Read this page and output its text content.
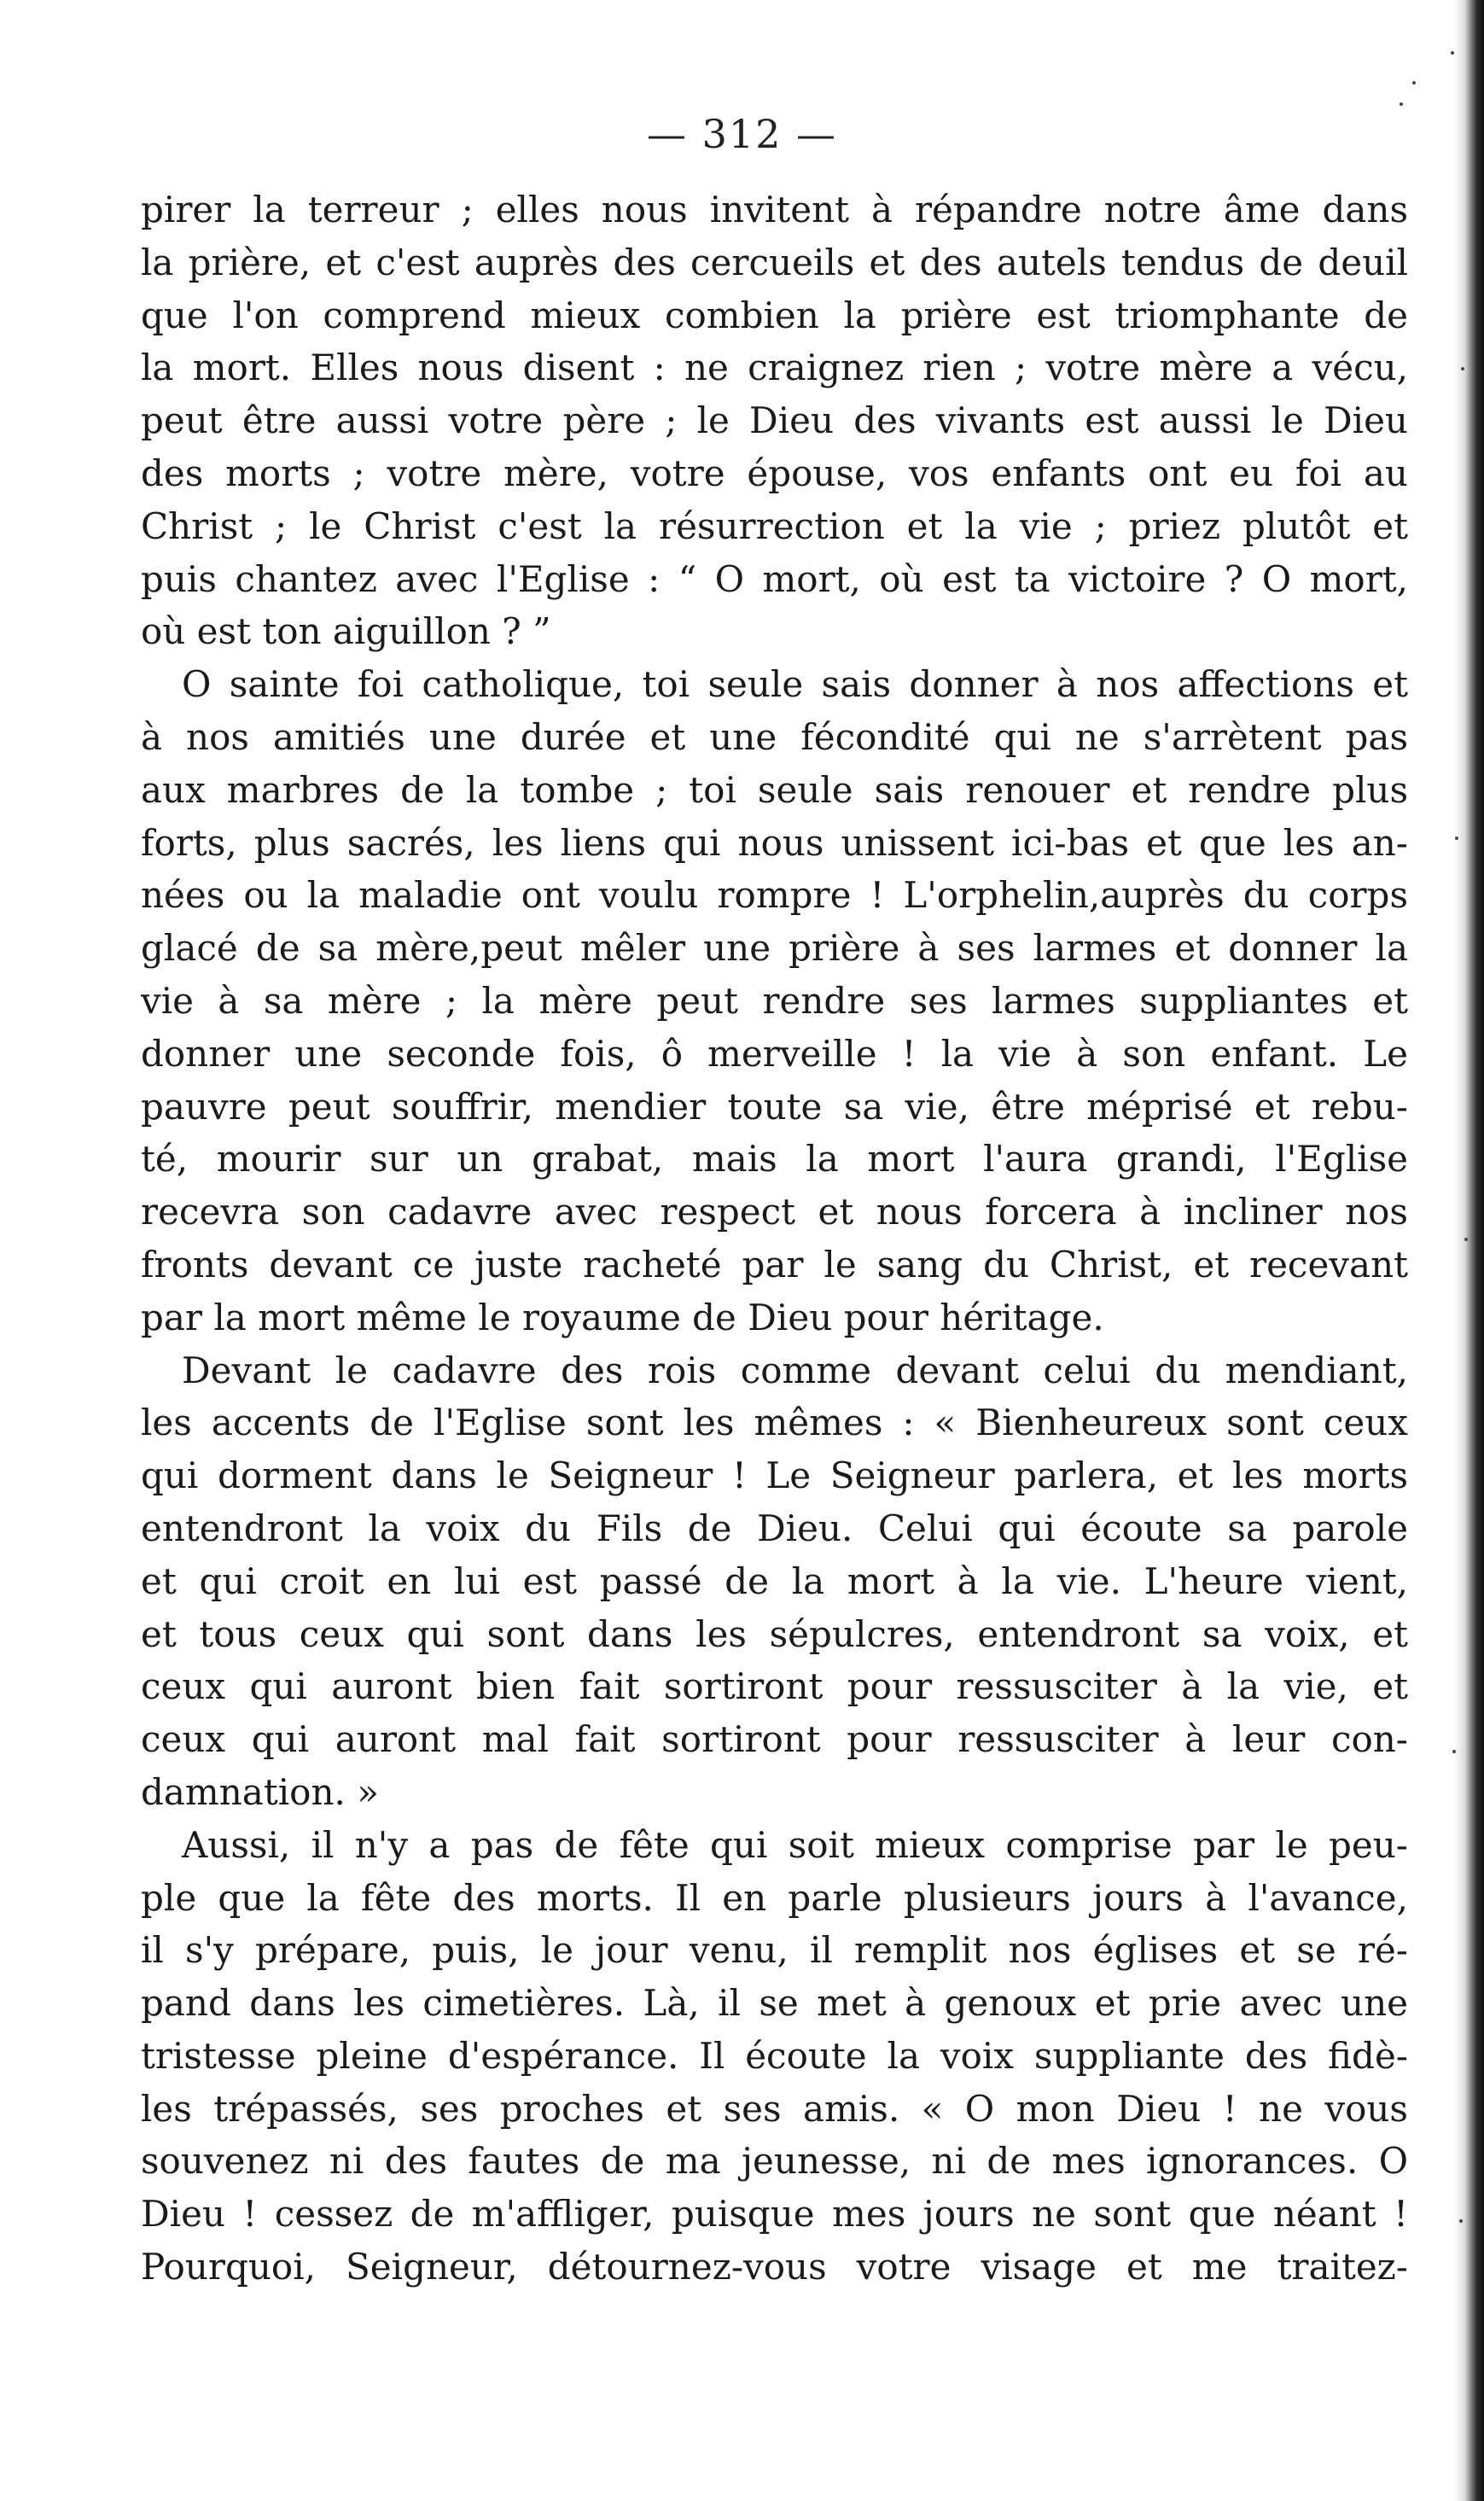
— 312 —
pirer la terreur ; elles nous invitent à répandre notre âme dans
la prière, et c'est auprès des cercueils et des autels tendus de deuil
que l'on comprend mieux combien la prière est triomphante de
la mort. Elles nous disent : ne craignez rien ; votre mère a vécu,
peut être aussi votre père ; le Dieu des vivants est aussi le Dieu
des morts ; votre mère, votre épouse, vos enfants ont eu foi au
Christ ; le Christ c'est la résurrection et la vie ; priez plutôt et
puis chantez avec l'Eglise : “ O mort, où est ta victoire ? O mort,
où est ton aiguillon ? ”
O sainte foi catholique, toi seule sais donner à nos affections et
à nos amitiés une durée et une fécondité qui ne s'arrètent pas
aux marbres de la tombe ; toi seule sais renouer et rendre plus
forts, plus sacrés, les liens qui nous unissent ici-bas et que les an-
nées ou la maladie ont voulu rompre ! L'orphelin,auprès du corps
glacé de sa mère,peut mêler une prière à ses larmes et donner la
vie à sa mère ; la mère peut rendre ses larmes suppliantes et
donner une seconde fois, ô merveille ! la vie à son enfant. Le
pauvre peut souffrir, mendier toute sa vie, être méprisé et rebu-
té, mourir sur un grabat, mais la mort l'aura grandi, l'Eglise
recevra son cadavre avec respect et nous forcera à incliner nos
fronts devant ce juste racheté par le sang du Christ, et recevant
par la mort même le royaume de Dieu pour héritage.
Devant le cadavre des rois comme devant celui du mendiant,
les accents de l'Eglise sont les mêmes : « Bienheureux sont ceux
qui dorment dans le Seigneur ! Le Seigneur parlera, et les morts
entendront la voix du Fils de Dieu. Celui qui écoute sa parole
et qui croit en lui est passé de la mort à la vie. L'heure vient,
et tous ceux qui sont dans les sépulcres, entendront sa voix, et
ceux qui auront bien fait sortiront pour ressusciter à la vie, et
ceux qui auront mal fait sortiront pour ressusciter à leur con-
damnation. »
Aussi, il n'y a pas de fête qui soit mieux comprise par le peu-
ple que la fête des morts. Il en parle plusieurs jours à l'avance,
il s'y prépare, puis, le jour venu, il remplit nos églises et se ré-
pand dans les cimetières. Là, il se met à genoux et prie avec une
tristesse pleine d'espérance. Il écoute la voix suppliante des fidè-
les trépassés, ses proches et ses amis. « O mon Dieu ! ne vous
souvenez ni des fautes de ma jeunesse, ni de mes ignorances. O
Dieu ! cessez de m'affliger, puisque mes jours ne sont que néant !
Pourquoi, Seigneur, détournez-vous votre visage et me traitez-
